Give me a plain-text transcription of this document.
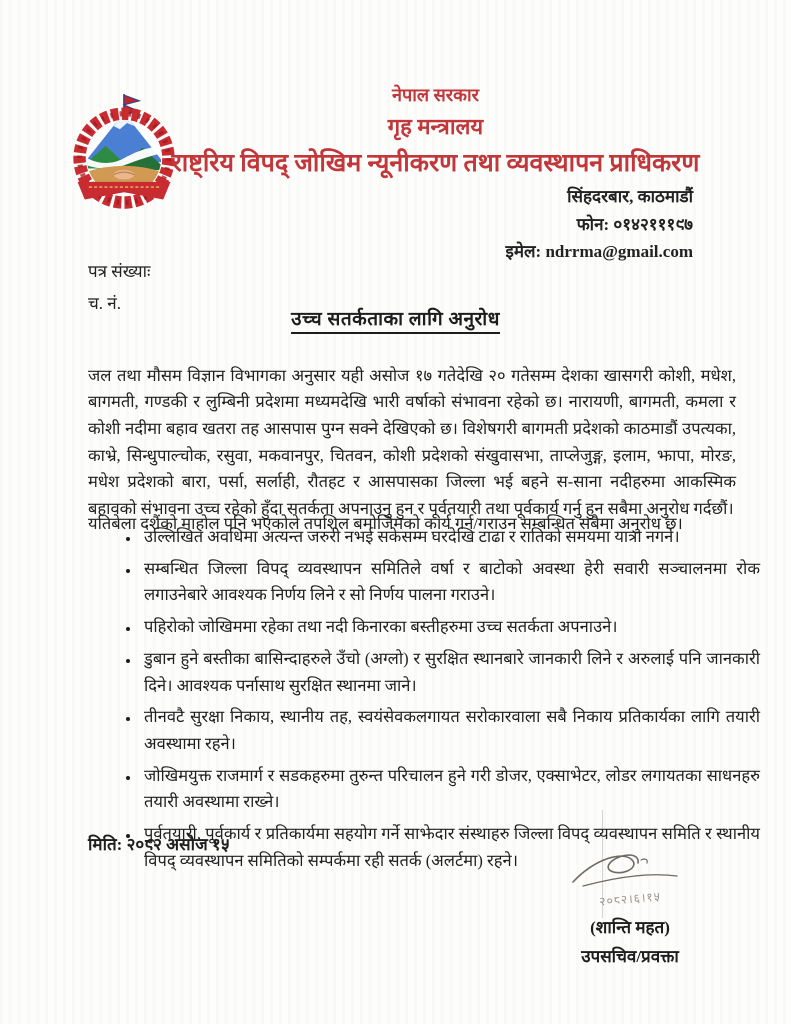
नेपाल सरकार
गृह मन्त्रालय
राष्ट्रिय विपद् जोखिम न्यूनीकरण तथा व्यवस्थापन प्राधिकरण
सिंहदरबार, काठमाडौं
फोन: ०१४२१११९७
इमेल: ndrrma@gmail.com
पत्र संख्याः
च. नं.
उच्च सतर्कताका लागि अनुरोध

जल तथा मौसम विज्ञान विभागका अनुसार यही असोज १७ गतेदेखि २० गतेसम्म देशका खासगरी कोशी, मधेश, बागमती, गण्डकी र लुम्बिनी प्रदेशमा मध्यमदेखि भारी वर्षाको संभावना रहेको छ। नारायणी, बागमती, कमला र कोशी नदीमा बहाव खतरा तह आसपास पुग्न सक्ने देखिएको छ। विशेषगरी बागमती प्रदेशको काठमाडौं उपत्यका, काभ्रे, सिन्धुपाल्चोक, रसुवा, मकवानपुर, चितवन, कोशी प्रदेशको संखुवासभा, ताप्लेजुङ्ग, इलाम, झापा, मोरङ, मधेश प्रदेशको बारा, पर्सा, सर्लाही, रौतहट र आसपासका जिल्ला भई बहने स-साना नदीहरुमा आकस्मिक बहावको संभावना उच्च रहेको हुँदा सतर्कता अपनाउनु हुन र पूर्वतयारी तथा पूर्वकार्य गर्नु हुन सबैमा अनुरोध गर्दछौं।

यतिबेला दशैंको माहोल पनि भएकोले तपशिल बमोजिमको कार्य गर्न/गराउन सम्बन्धित सबैमा अनुरोध छ।

• उल्लिखित अवधिमा अत्यन्त जरुरी नभई सकेसम्म घरदेखि टाढा र रातिको समयमा यात्रा नगर्ने।
• सम्बन्धित जिल्ला विपद् व्यवस्थापन समितिले वर्षा र बाटोको अवस्था हेरी सवारी सञ्चालनमा रोक लगाउनेबारे आवश्यक निर्णय लिने र सो निर्णय पालना गराउने।
• पहिरोको जोखिममा रहेका तथा नदी किनारका बस्तीहरुमा उच्च सतर्कता अपनाउने।
• डुबान हुने बस्तीका बासिन्दाहरुले उँचो (अग्लो) र सुरक्षित स्थानबारे जानकारी लिने र अरुलाई पनि जानकारी दिने। आवश्यक पर्नासाथ सुरक्षित स्थानमा जाने।
• तीनवटै सुरक्षा निकाय, स्थानीय तह, स्वयंसेवकलगायत सरोकारवाला सबै निकाय प्रतिकार्यका लागि तयारी अवस्थामा रहने।
• जोखिमयुक्त राजमार्ग र सडकहरुमा तुरुन्त परिचालन हुने गरी डोजर, एक्साभेटर, लोडर लगायतका साधनहरु तयारी अवस्थामा राख्ने।
• पूर्वतयारी, पूर्वकार्य र प्रतिकार्यमा सहयोग गर्ने साझेदार संस्थाहरु जिल्ला विपद् व्यवस्थापन समिति र स्थानीय विपद् व्यवस्थापन समितिको सम्पर्कमा रही सतर्क (अलर्टमा) रहने।
मिति: २०८२ असोज १५
२०८२।६।१५
(शान्ति महत)
उपसचिव/प्रवक्ता
